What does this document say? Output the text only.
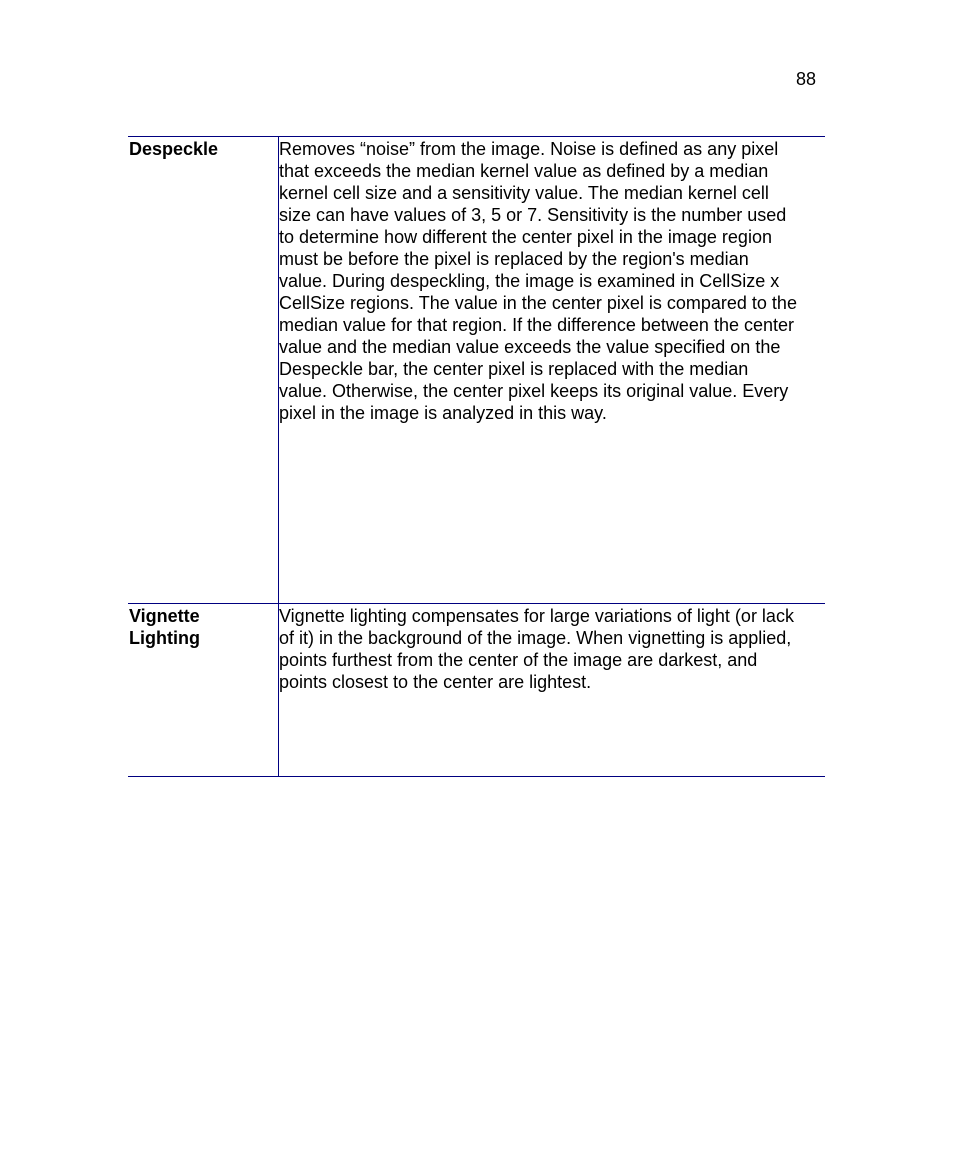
88
Despeckle	Removes “noise” from the image. Noise is defined as any pixel
that exceeds the median kernel value as defined by a median
kernel cell size and a sensitivity value. The median kernel cell
size can have values of 3, 5 or 7. Sensitivity is the number used
to determine how different the center pixel in the image region
must be before the pixel is replaced by the region's median
value. During despeckling, the image is examined in CellSize x
CellSize regions. The value in the center pixel is compared to the
median value for that region. If the difference between the center
value and the median value exceeds the value specified on the
Despeckle bar, the center pixel is replaced with the median
value. Otherwise, the center pixel keeps its original value. Every
pixel in the image is analyzed in this way.
Vignette
Lighting
Vignette lighting compensates for large variations of light (or lack
of it) in the background of the image. When vignetting is applied,
points furthest from the center of the image are darkest, and
points closest to the center are lightest.
